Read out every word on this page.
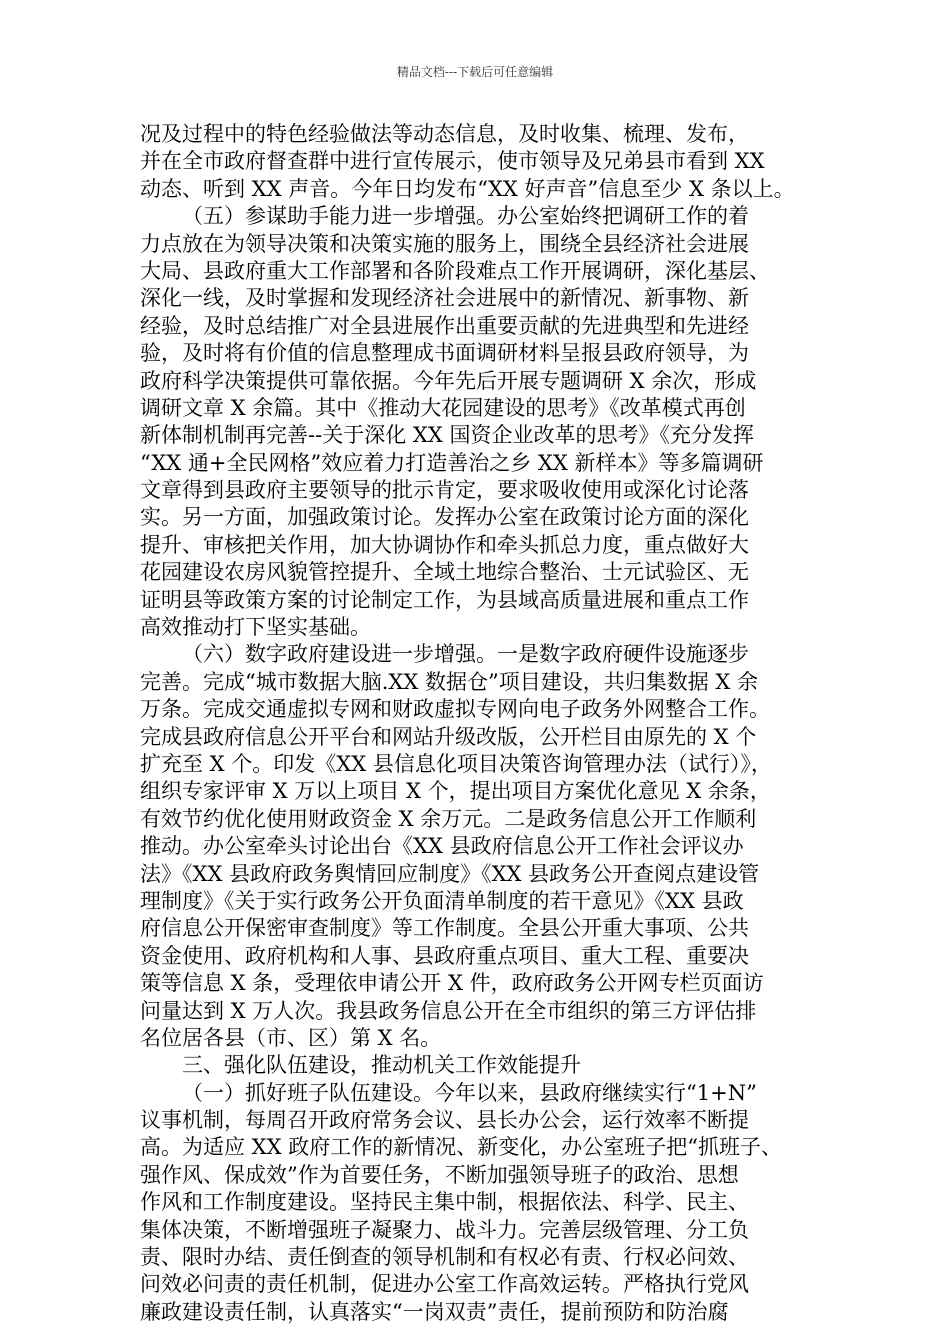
精品文档---下载后可任意编辑
况及过程中的特色经验做法等动态信息，及时收集、梳理、发布，
并在全市政府督查群中进行宣传展示，使市领导及兄弟县市看到 XX
动态、听到 XX 声音。今年日均发布“XX 好声音”信息至少 X 条以上。
（五）参谋助手能力进一步增强。办公室始终把调研工作的着
力点放在为领导决策和决策实施的服务上，围绕全县经济社会进展
大局、县政府重大工作部署和各阶段难点工作开展调研，深化基层、
深化一线，及时掌握和发现经济社会进展中的新情况、新事物、新
经验，及时总结推广对全县进展作出重要贡献的先进典型和先进经
验，及时将有价值的信息整理成书面调研材料呈报县政府领导，为
政府科学决策提供可靠依据。今年先后开展专题调研 X 余次，形成
调研文章 X 余篇。其中《推动大花园建设的思考》《改革模式再创
新体制机制再完善--关于深化 XX 国资企业改革的思考》《充分发挥
“XX 通+全民网格”效应着力打造善治之乡 XX 新样本》等多篇调研
文章得到县政府主要领导的批示肯定，要求吸收使用或深化讨论落
实。另一方面，加强政策讨论。发挥办公室在政策讨论方面的深化
提升、审核把关作用，加大协调协作和牵头抓总力度，重点做好大
花园建设农房风貌管控提升、全域土地综合整治、士元试验区、无
证明县等政策方案的讨论制定工作，为县域高质量进展和重点工作
高效推动打下坚实基础。
（六）数字政府建设进一步增强。一是数字政府硬件设施逐步
完善。完成“城市数据大脑.XX 数据仓”项目建设，共归集数据 X 余
万条。完成交通虚拟专网和财政虚拟专网向电子政务外网整合工作。
完成县政府信息公开平台和网站升级改版，公开栏目由原先的 X 个
扩充至 X 个。印发《XX 县信息化项目决策咨询管理办法（试行）》，
组织专家评审 X 万以上项目 X 个，提出项目方案优化意见 X 余条，
有效节约优化使用财政资金 X 余万元。二是政务信息公开工作顺利
推动。办公室牵头讨论出台《XX 县政府信息公开工作社会评议办
法》《XX 县政府政务舆情回应制度》《XX 县政务公开查阅点建设管
理制度》《关于实行政务公开负面清单制度的若干意见》《XX 县政
府信息公开保密审查制度》等工作制度。全县公开重大事项、公共
资金使用、政府机构和人事、县政府重点项目、重大工程、重要决
策等信息 X 条，受理依申请公开 X 件，政府政务公开网专栏页面访
问量达到 X 万人次。我县政务信息公开在全市组织的第三方评估排
名位居各县（市、区）第 X 名。
三、强化队伍建设，推动机关工作效能提升
（一）抓好班子队伍建设。今年以来，县政府继续实行“1+N”
议事机制，每周召开政府常务会议、县长办公会，运行效率不断提
高。为适应 XX 政府工作的新情况、新变化，办公室班子把“抓班子、
强作风、保成效”作为首要任务，不断加强领导班子的政治、思想
作风和工作制度建设。坚持民主集中制，根据依法、科学、民主、
集体决策，不断增强班子凝聚力、战斗力。完善层级管理、分工负
责、限时办结、责任倒查的领导机制和有权必有责、行权必问效、
问效必问责的责任机制，促进办公室工作高效运转。严格执行党风
廉政建设责任制，认真落实“一岗双责”责任，提前预防和防治腐
